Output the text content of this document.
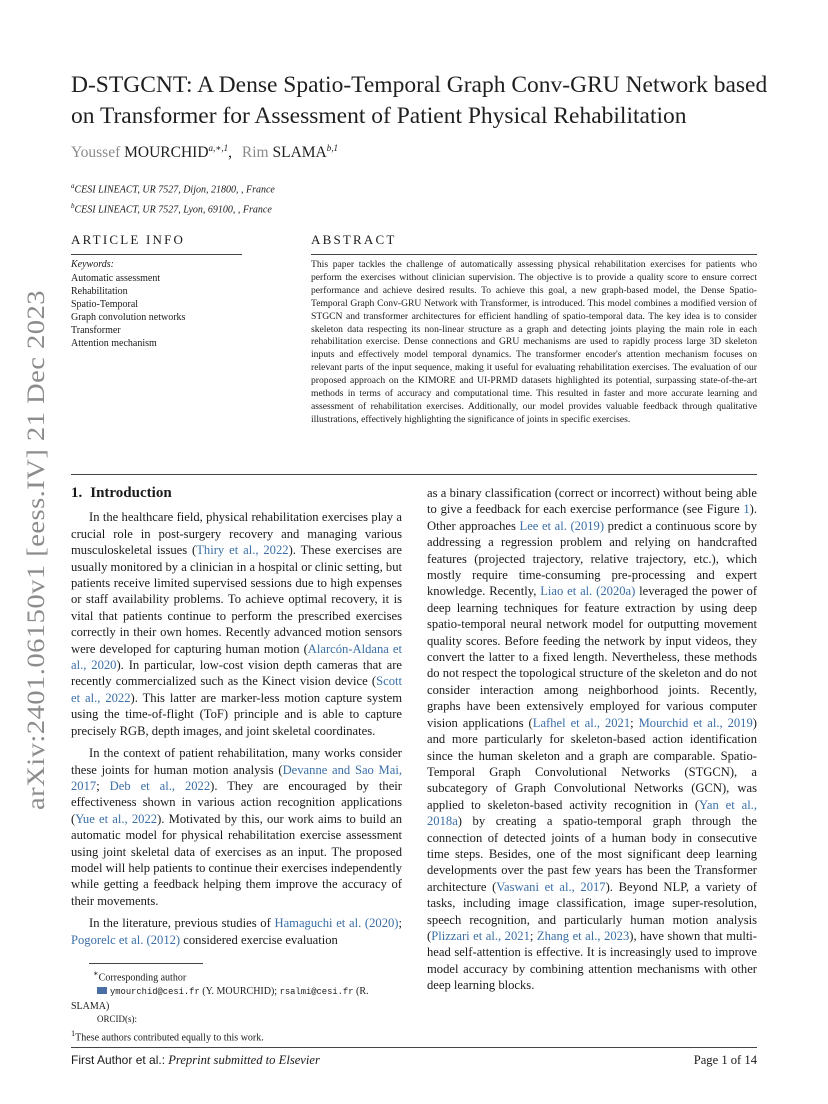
arXiv:2401.06150v1 [eess.IV] 21 Dec 2023
D-STGCNT: A Dense Spatio-Temporal Graph Conv-GRU Network based on Transformer for Assessment of Patient Physical Rehabilitation
Youssef $MOURCHID^{a,∗,1}$, Rim SLAMA$^{b,1}$
$^a$CESI LINEACT, UR 7527, Dijon, 21800, , France
$^b$CESI LINEACT, UR 7527, Lyon, 69100, , France
ARTICLE INFO	ABSTRACT
Keywords:
Automatic assessment
Rehabilitation
Spatio-Temporal
Graph convolution networks
Transformer
Attention mechanism
This paper tackles the challenge of automatically assessing physical rehabilitation exercises for patients who perform the exercises without clinician supervision. The objective is to provide a quality score to ensure correct performance and achieve desired results. To achieve this goal, a new graph-based model, the Dense Spatio-Temporal Graph Conv-GRU Network with Transformer, is introduced. This model combines a modified version of STGCN and transformer architectures for efficient handling of spatio-temporal data. The key idea is to consider skeleton data respecting its non-linear structure as a graph and detecting joints playing the main role in each rehabilitation exercise. Dense connections and GRU mechanisms are used to rapidly process large 3D skeleton inputs and effectively model temporal dynamics. The transformer encoder's attention mechanism focuses on relevant parts of the input sequence, making it useful for evaluating rehabilitation exercises. The evaluation of our proposed approach on the KIMORE and UI-PRMD datasets highlighted its potential, surpassing state-of-the-art methods in terms of accuracy and computational time. This resulted in faster and more accurate learning and assessment of rehabilitation exercises. Additionally, our model provides valuable feedback through qualitative illustrations, effectively highlighting the significance of joints in specific exercises.
1. Introduction

In the healthcare field, physical rehabilitation exercises play a crucial role in post-surgery recovery and managing various musculoskeletal issues (Thiry et al., 2022). These exercises are usually monitored by a clinician in a hospital or clinic setting, but patients receive limited supervised sessions due to high expenses or staff availability problems. To achieve optimal recovery, it is vital that patients continue to perform the prescribed exercises correctly in their own homes. Recently advanced motion sensors were developed for capturing human motion (Alarcón-Aldana et al., 2020). In particular, low-cost vision depth cameras that are recently commercialized such as the Kinect vision device (Scott et al., 2022). This latter are marker-less motion capture system using the time-of-flight (ToF) principle and is able to capture precisely RGB, depth images, and joint skeletal coordinates.

In the context of patient rehabilitation, many works consider these joints for human motion analysis (Devanne and Sao Mai, 2017; Deb et al., 2022). They are encouraged by their effectiveness shown in various action recognition applications (Yue et al., 2022). Motivated by this, our work aims to build an automatic model for physical rehabilitation exercise assessment using joint skeletal data of exercises as an input. The proposed model will help patients to continue their exercises independently while getting a feedback helping them improve the accuracy of their movements.

In the literature, previous studies of Hamaguchi et al. (2020); Pogorelc et al. (2012) considered exercise evaluation

as a binary classification (correct or incorrect) without being able to give a feedback for each exercise performance (see Figure 1). Other approaches Lee et al. (2019) predict a continuous score by addressing a regression problem and relying on handcrafted features (projected trajectory, relative trajectory, etc.), which mostly require time-consuming pre-processing and expert knowledge. Recently, Liao et al. (2020a) leveraged the power of deep learning techniques for feature extraction by using deep spatio-temporal neural network model for outputting movement quality scores. Before feeding the network by input videos, they convert the latter to a fixed length. Nevertheless, these methods do not respect the topological structure of the skeleton and do not consider interaction among neighborhood joints. Recently, graphs have been extensively employed for various computer vision applications (Lafhel et al., 2021; Mourchid et al., 2019) and more particularly for skeleton-based action identification since the human skeleton and a graph are comparable. Spatio-Temporal Graph Convolutional Networks (STGCN), a subcategory of Graph Convolutional Networks (GCN), was applied to skeleton-based activity recognition in (Yan et al., 2018a) by creating a spatio-temporal graph through the connection of detected joints of a human body in consecutive time steps. Besides, one of the most significant deep learning developments over the past few years has been the Transformer architecture (Vaswani et al., 2017). Beyond NLP, a variety of tasks, including image classification, image super-resolution, speech recognition, and particularly human motion analysis (Plizzari et al., 2021; Zhang et al., 2023), have shown that multi-head self-attention is effective. It is increasingly used to improve model accuracy by combining attention mechanisms with other deep learning blocks.

∗Corresponding author
ymourchid@cesi.fr (Y. MOURCHID); rsalmi@cesi.fr (R.
SLAMA)
ORCID(s):
$^1$These authors contributed equally to this work.
First Author et al.: Preprint submitted to Elsevier	Page 1 of 14
